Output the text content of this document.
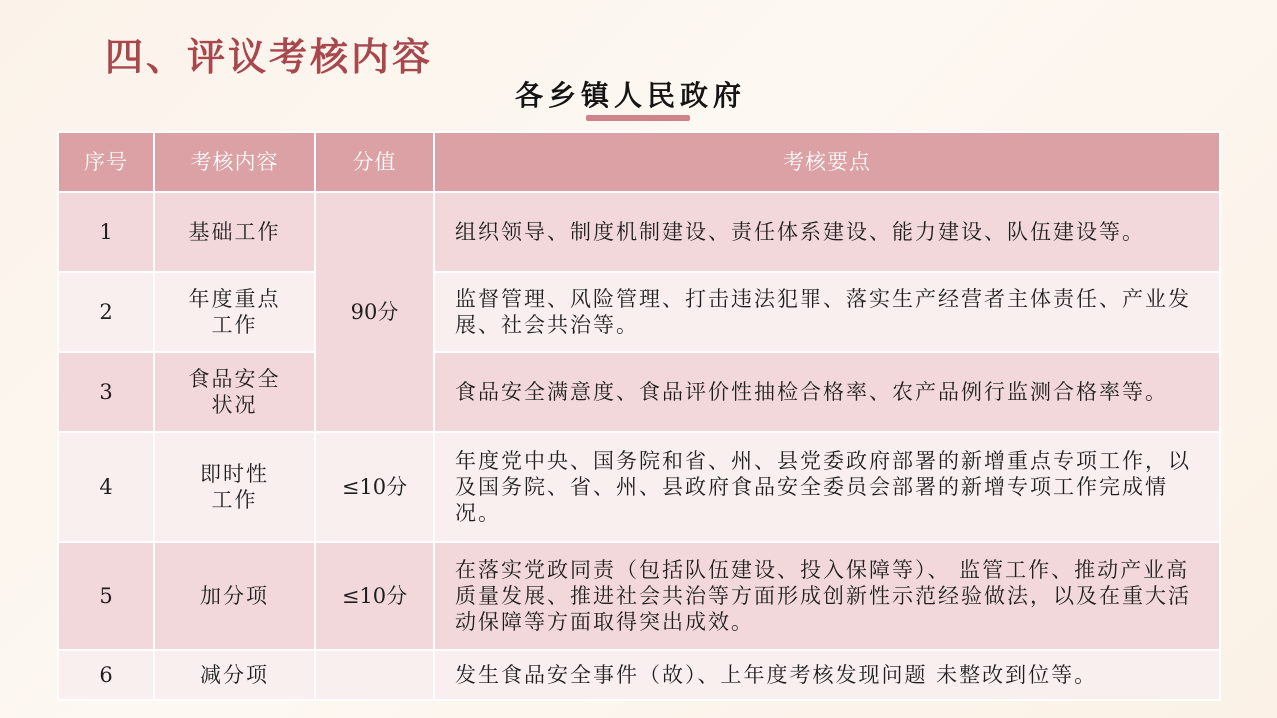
四、评议考核内容
各乡镇人民政府
序号	考核内容	分值	考核要点
1	基础工作	90分	组织领导、制度机制建设、责任体系建设、能力建设、队伍建设等。
2	年度重点工作		监督管理、风险管理、打击违法犯罪、落实生产经营者主体责任、产业发展、社会共治等。
3	食品安全状况		食品安全满意度、食品评价性抽检合格率、农产品例行监测合格率等。
4	即时性工作	≤10分	年度党中央、国务院和省、州、县党委政府部署的新增重点专项工作，以及国务院、省、州、县政府食品安全委员会部署的新增专项工作完成情况。
5	加分项	≤10分	在落实党政同责（包括队伍建设、投入保障等）、 监管工作、推动产业高质量发展、推进社会共治等方面形成创新性示范经验做法，以及在重大活动保障等方面取得突出成效。
6	减分项		发生食品安全事件（故）、上年度考核发现问题 未整改到位等。
